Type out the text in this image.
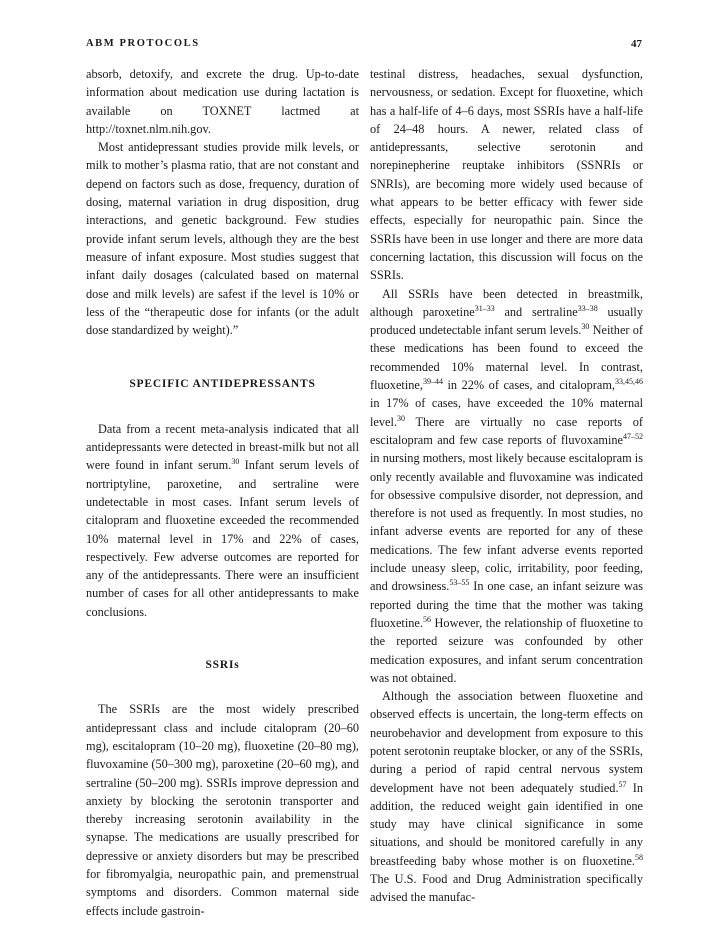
ABM PROTOCOLS	47

absorb, detoxify, and excrete the drug. Up-to-date information about medication use during lactation is available on TOXNET lactmed at http://toxnet.nlm.nih.gov.

Most antidepressant studies provide milk levels, or milk to mother’s plasma ratio, that are not constant and depend on factors such as dose, frequency, duration of dosing, maternal variation in drug disposition, drug interactions, and genetic background. Few studies provide infant serum levels, although they are the best measure of infant exposure. Most studies suggest that infant daily dosages (calculated based on maternal dose and milk levels) are safest if the level is 10% or less of the “therapeutic dose for infants (or the adult dose standardized by weight).”

SPECIFIC ANTIDEPRESSANTS

Data from a recent meta-analysis indicated that all antidepressants were detected in breast-milk but not all were found in infant serum.$^{30}$ Infant serum levels of nortriptyline, paroxetine, and sertraline were undetectable in most cases. Infant serum levels of citalopram and fluoxetine exceeded the recommended 10% maternal level in 17% and 22% of cases, respectively. Few adverse outcomes are reported for any of the antidepressants. There were an insufficient number of cases for all other antidepressants to make conclusions.

SSRIs

The SSRIs are the most widely prescribed antidepressant class and include citalopram (20–60 mg), escitalopram (10–20 mg), fluoxetine (20–80 mg), fluvoxamine (50–300 mg), paroxetine (20–60 mg), and sertraline (50–200 mg). SSRIs improve depression and anxiety by blocking the serotonin transporter and thereby increasing serotonin availability in the synapse. The medications are usually prescribed for depressive or anxiety disorders but may be prescribed for fibromyalgia, neuropathic pain, and premenstrual symptoms and disorders. Common maternal side effects include gastroin-

testinal distress, headaches, sexual dysfunction, nervousness, or sedation. Except for fluoxetine, which has a half-life of 4–6 days, most SSRIs have a half-life of 24–48 hours. A newer, related class of antidepressants, selective serotonin and norepinepherine reuptake inhibitors (SSNRIs or SNRIs), are becoming more widely used because of what appears to be better efficacy with fewer side effects, especially for neuropathic pain. Since the SSRIs have been in use longer and there are more data concerning lactation, this discussion will focus on the SSRIs.

All SSRIs have been detected in breastmilk, although paroxetine$^{31-33}$ and sertraline$^{33-38}$ usually produced undetectable infant serum levels.$^{30}$ Neither of these medications has been found to exceed the recommended 10% maternal level. In contrast, fluoxetine,$^{39-44}$ in 22% of cases, and citalopram,$^{33,45,46}$ in 17% of cases, have exceeded the 10% maternal level.$^{30}$ There are virtually no case reports of escitalopram and few case reports of fluvoxamine$^{47-52}$ in nursing mothers, most likely because escitalopram is only recently available and fluvoxamine was indicated for obsessive compulsive disorder, not depression, and therefore is not used as frequently. In most studies, no infant adverse events are reported for any of these medications. The few infant adverse events reported include uneasy sleep, colic, irritability, poor feeding, and drowsiness.$^{53-55}$ In one case, an infant seizure was reported during the time that the mother was taking fluoxetine.$^{56}$ However, the relationship of fluoxetine to the reported seizure was confounded by other medication exposures, and infant serum concentration was not obtained.

Although the association between fluoxetine and observed effects is uncertain, the long-term effects on neurobehavior and development from exposure to this potent serotonin reuptake blocker, or any of the SSRIs, during a period of rapid central nervous system development have not been adequately studied.$^{57}$ In addition, the reduced weight gain identified in one study may have clinical significance in some situations, and should be monitored carefully in any breastfeeding baby whose mother is on fluoxetine.$^{58}$ The U.S. Food and Drug Administration specifically advised the manufac-
